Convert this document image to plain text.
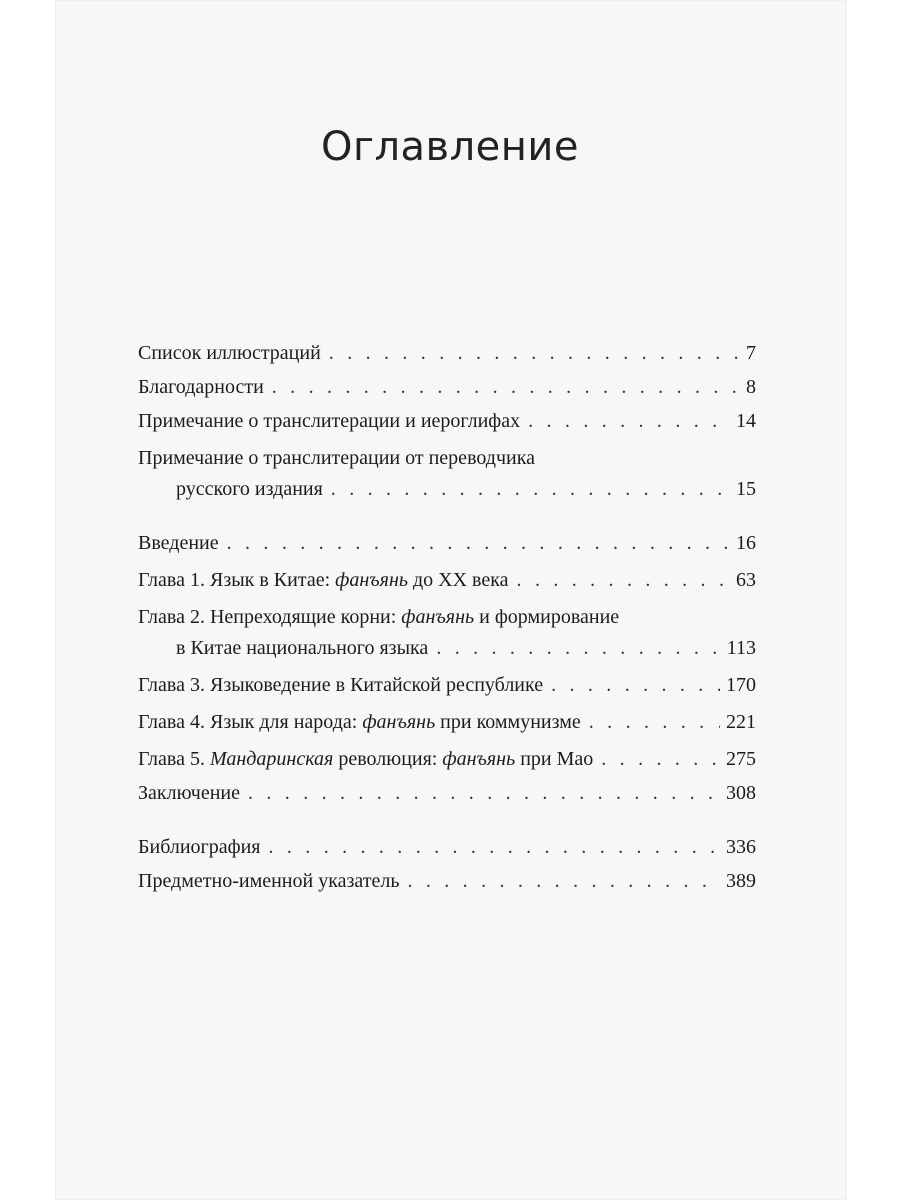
Оглавление
Список иллюстраций . . .	7
Благодарности . . .	8
Примечание о транслитерации и иероглифах . . .	14
Примечание о транслитерации от переводчика
русского издания . . .	15
Введение . . .	16
Глава 1. Язык в Китае: фанъянь до XX века . . .	63
Глава 2. Непреходящие корни: фанъянь и формирование
в Китае национального языка . . .	113
Глава 3. Языковедение в Китайской республике . . .	170
Глава 4. Язык для народа: фанъянь при коммунизме . . .	221
Глава 5. Мандаринская революция: фанъянь при Мао . . .	275
Заключение . . .	308
Библиография . . .	336
Предметно-именной указатель . . .	389
